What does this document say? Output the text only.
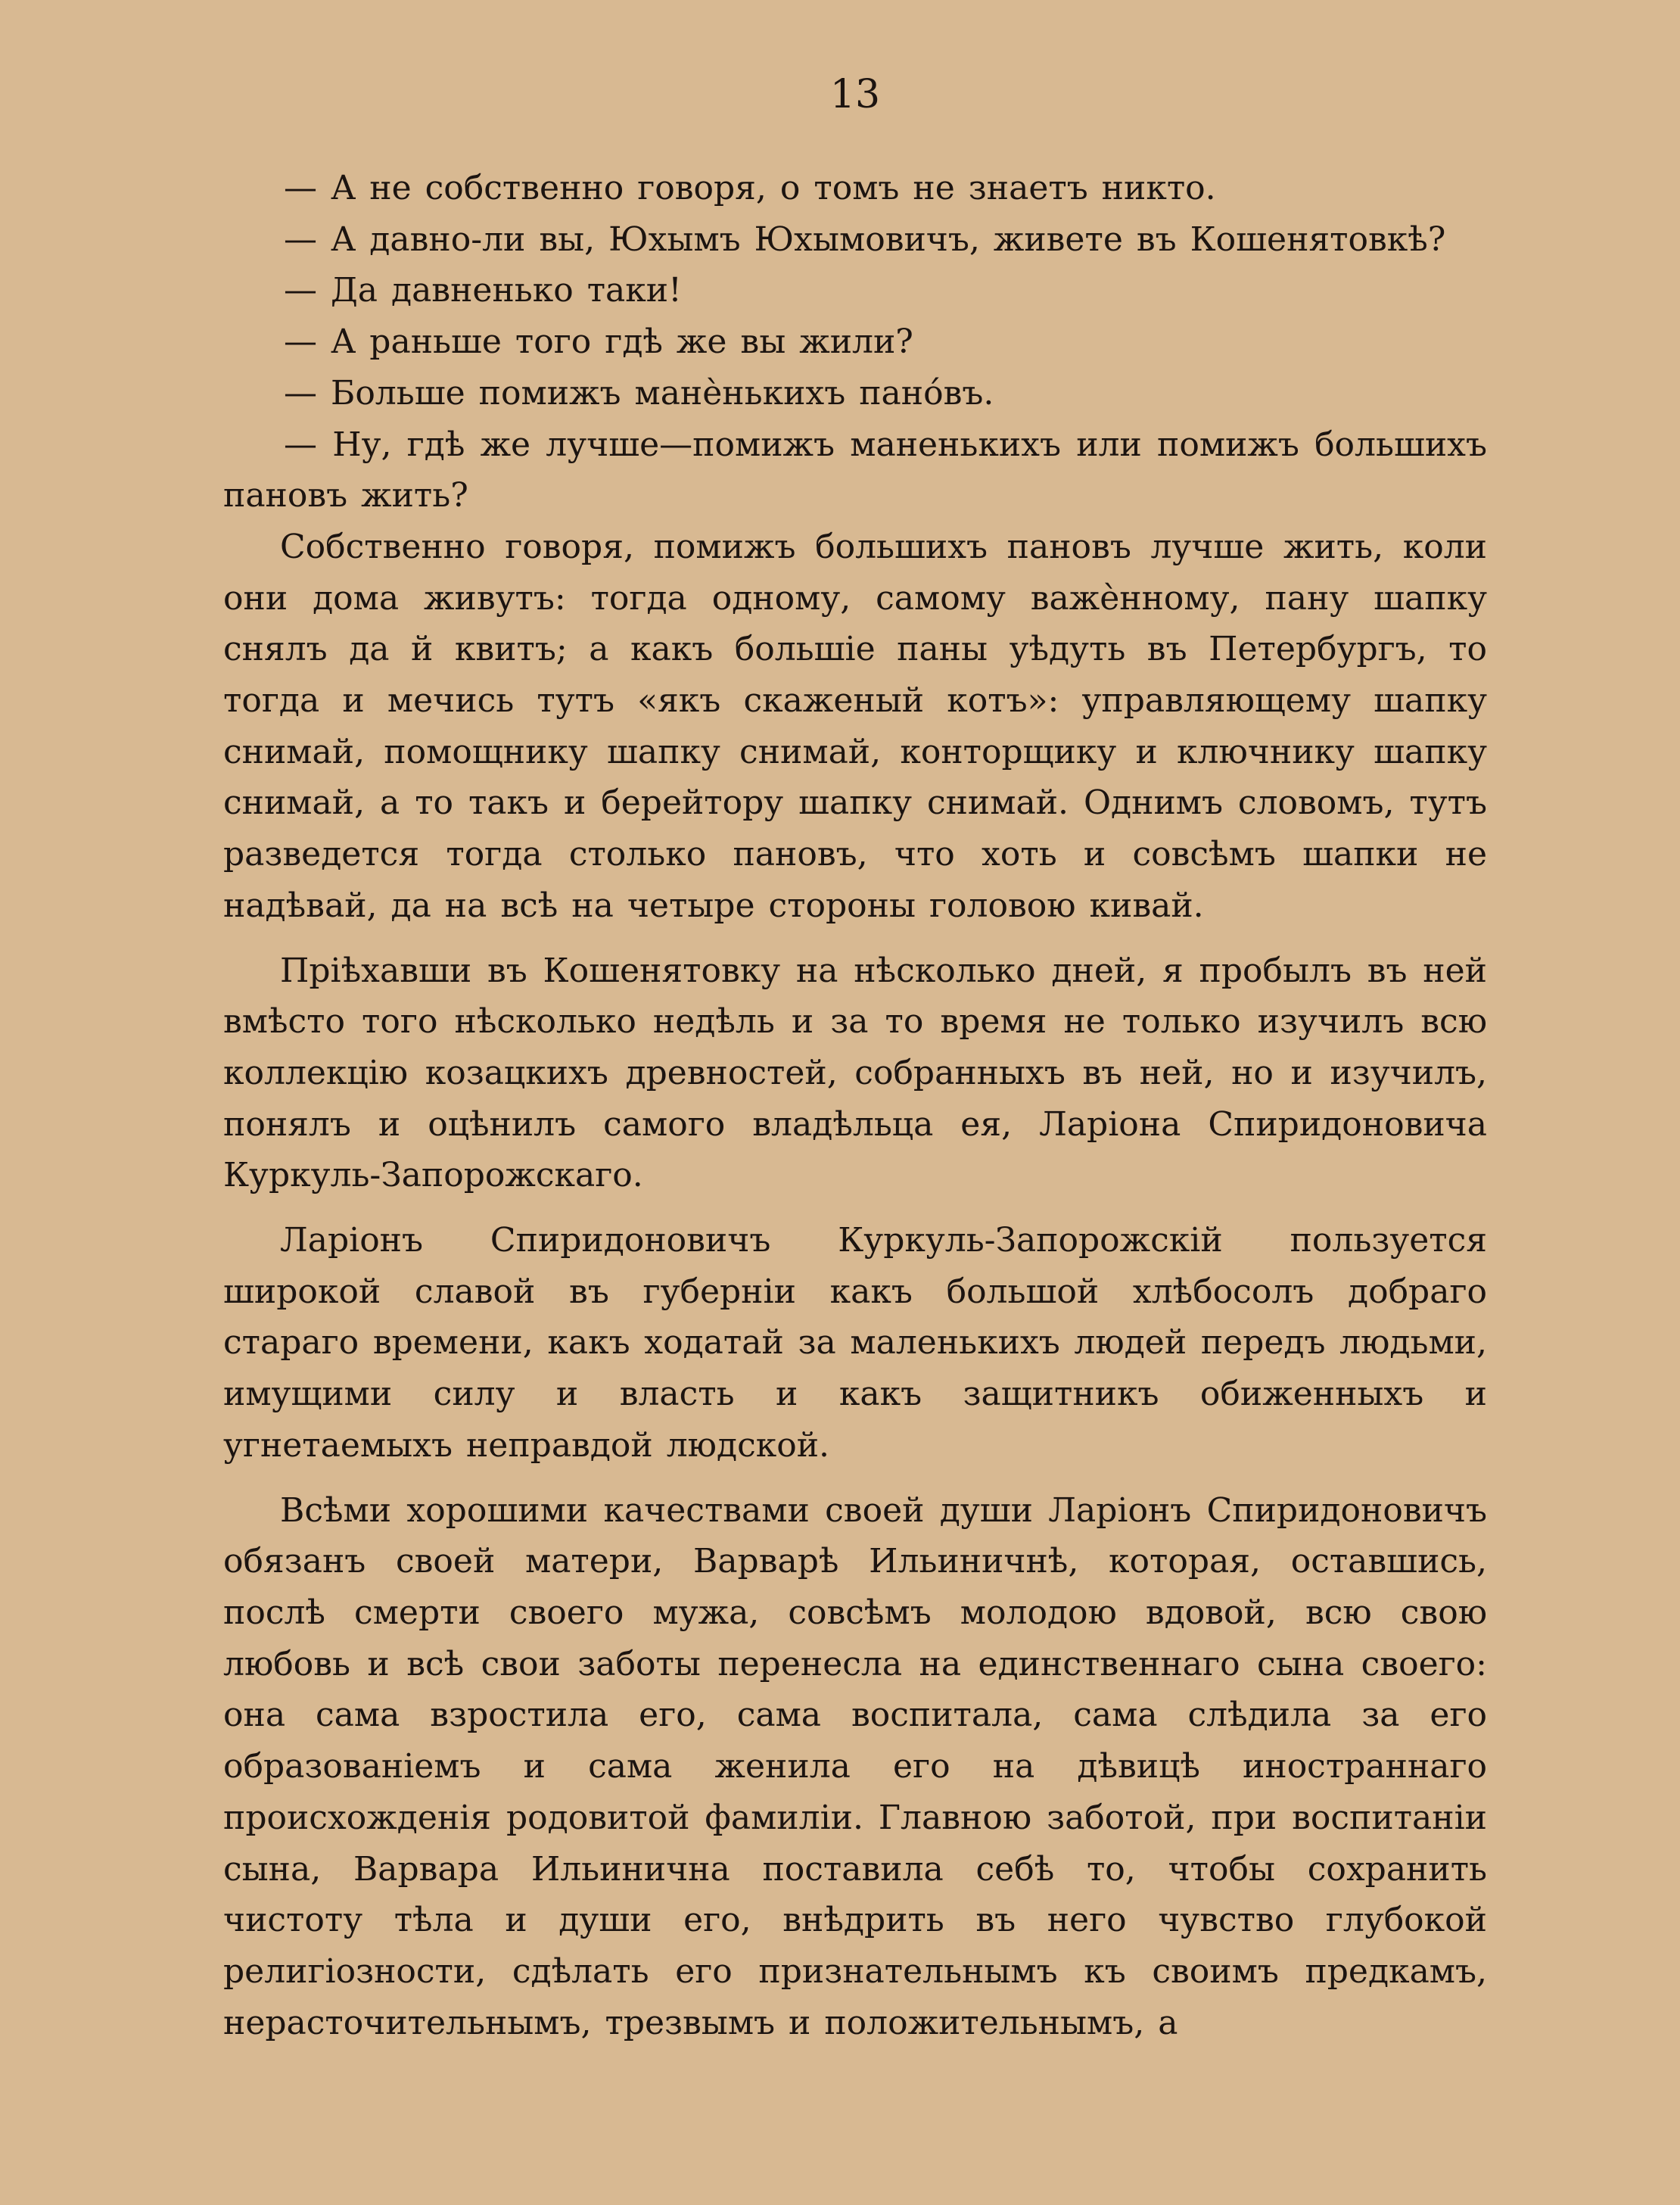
13

— А не собственно говоря, о томъ не знаетъ никто.

— А давно-ли вы, Юхымъ Юхымовичъ, живете въ Кошенятовкѣ?

— Да давненько таки!

— А раньше того гдѣ же вы жили?

— Больше помижъ манѐнькихъ панóвъ.

— Ну, гдѣ же лучше—помижъ маненькихъ или помижъ большихъ пановъ жить?

Собственно говоря, помижъ большихъ пановъ лучше жить, коли они дома живутъ: тогда одному, самому важѐнному, пану шапку снялъ да й квитъ; а какъ большіе паны уѣдуть въ Петербургъ, то тогда и мечись тутъ «якъ скаженый котъ»: управляющему шапку снимай, помощнику шапку снимай, конторщику и ключнику шапку снимай, а то такъ и берейтору шапку снимай. Однимъ словомъ, тутъ разведется тогда столько пановъ, что хоть и совсѣмъ шапки не надѣвай, да на всѣ на четыре стороны головою кивай.

Пріѣхавши въ Кошенятовку на нѣсколько дней, я пробылъ въ ней вмѣсто того нѣсколько недѣль и за то время не только изучилъ всю коллекцію козацкихъ древностей, собранныхъ въ ней, но и изучилъ, понялъ и оцѣнилъ самого владѣльца ея, Ларіона Спиридоновича Куркуль-Запорожскаго.

Ларіонъ Спиридоновичъ Куркуль-Запорожскій пользуется широкой славой въ губерніи какъ большой хлѣбосолъ добраго стараго времени, какъ ходатай за маленькихъ людей передъ людьми, имущими силу и власть и какъ защитникъ обиженныхъ и угнетаемыхъ неправдой людской.

Всѣми хорошими качествами своей души Ларіонъ Спиридоновичъ обязанъ своей матери, Варварѣ Ильиничнѣ, которая, оставшись, послѣ смерти своего мужа, совсѣмъ молодою вдовой, всю свою любовь и всѣ свои заботы перенесла на единственнаго сына своего: она сама взростила его, сама воспитала, сама слѣдила за его образованіемъ и сама женила его на дѣвицѣ иностраннаго происхожденія родовитой фамиліи. Главною заботой, при воспитаніи сына, Варвара Ильинична поставила себѣ то, чтобы сохранить чистоту тѣла и души его, внѣдрить въ него чувство глубокой религіозности, сдѣлать его признательнымъ къ своимъ предкамъ, нерасточительнымъ, трезвымъ и положительнымъ, а
